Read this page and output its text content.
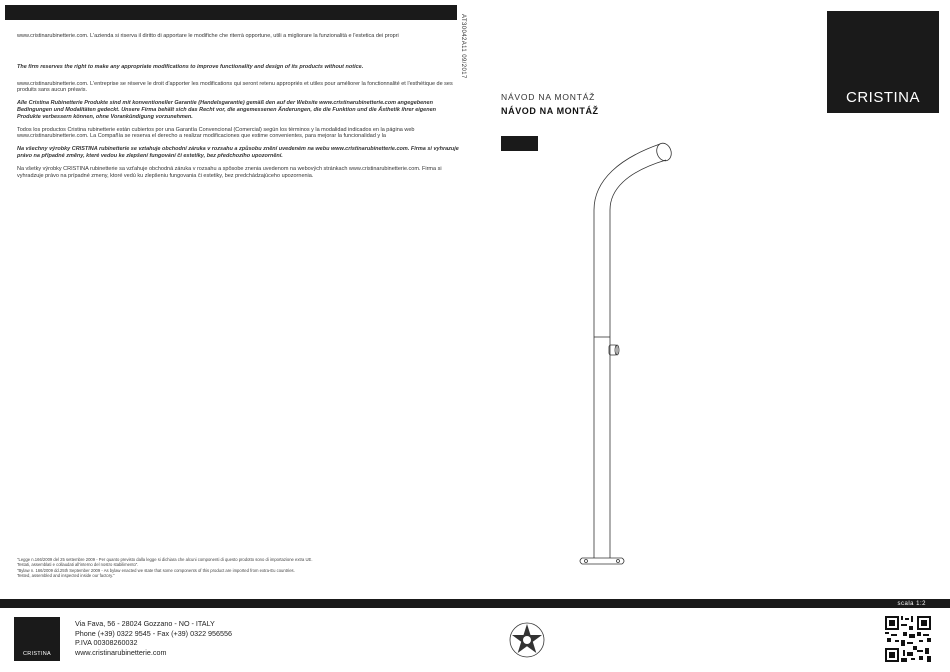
www.cristinarubinetterie.com. L'azienda si riserva il diritto di apportare le modifiche che riterrà opportune, utili a migliorare la funzionalità e l'estetica dei propri

The firm reserves the right to make any appropriate modifications to improve functionality and design of its products without notice.

www.cristinarubinetterie.com. L'entreprise se réserve le droit d'apporter les modifications qui seront retenu appropriés et utiles pour améliorer la fonctionnalité et l'esthétique de ses produits sans aucun préavis.

Alle Cristina Rubinetterie Produkte sind mit konventioneller Garantie (Handelsgarantie) gemäß den auf der Website www.cristinarubinetterie.com angegebenen Bedingungen und Modalitäten gedeckt. Unsere Firma behält sich das Recht vor, die angemessenen Änderungen, die die Funktion und die Ästhetik ihrer eigenen Produkte verbessern können, ohne Vorankündigung vorzunehmen.

Todos los productos Cristina rubinetterie están cubiertos por una Garantía Convencional (Comercial) según los términos y la modalidad indicados en la página web www.cristinarubinetterie.com. La Compañía se reserva el derecho a realizar modificaciones que estime convenientes, para mejorar la funcionalidad y la

Na všechny výrobky CRISTINA rubinetterie se vztahuje obchodní záruka v rozsahu a způsobu znění uvedeném na webu www.cristinarubinetterie.com. Firma si vyhrazuje právo na případné změny, které vedou ke zlepšení fungování či estetiky, bez předchozího upozornění.

Na všetky výrobky CRISTINA rubinetterie sa vzťahuje obchodná záruka v rozsahu a spôsobe znenia uvedenom na webových stránkach www.cristinarubinetterie.com. Firma si vyhradzuje právo na prípadné zmeny, ktoré vedú ku zlepšeniu fungovania či estetiky, bez predchádzajúceho upozornenia.

AT30042A11 09/2017
CRISTINA
NÁVOD NA MONTÁŽ
NÁVOD NA MONTÁŽ
"Legge n.166/2009 del 25 settembre 2009 - Per quanto previsto dalla legge si dichiara che alcuni componenti di questo prodotto sono di importazione extra UE.
Testati, assemblati e collaudati all'interno del nostro stabilimento".
"Bylaw n. 166/2009 dd.25th September 2009 - As bylaw enacted we state that some components of this product are imported from extra-Eu countries.
Tested, assembled and inspected inside our factory."
scala 1:2
CRISTINA
Via Fava, 56 - 28024 Gozzano - NO - ITALY
Phone (+39) 0322 9545 - Fax (+39) 0322 956556
P.IVA 00308260032
www.cristinarubinetterie.com
